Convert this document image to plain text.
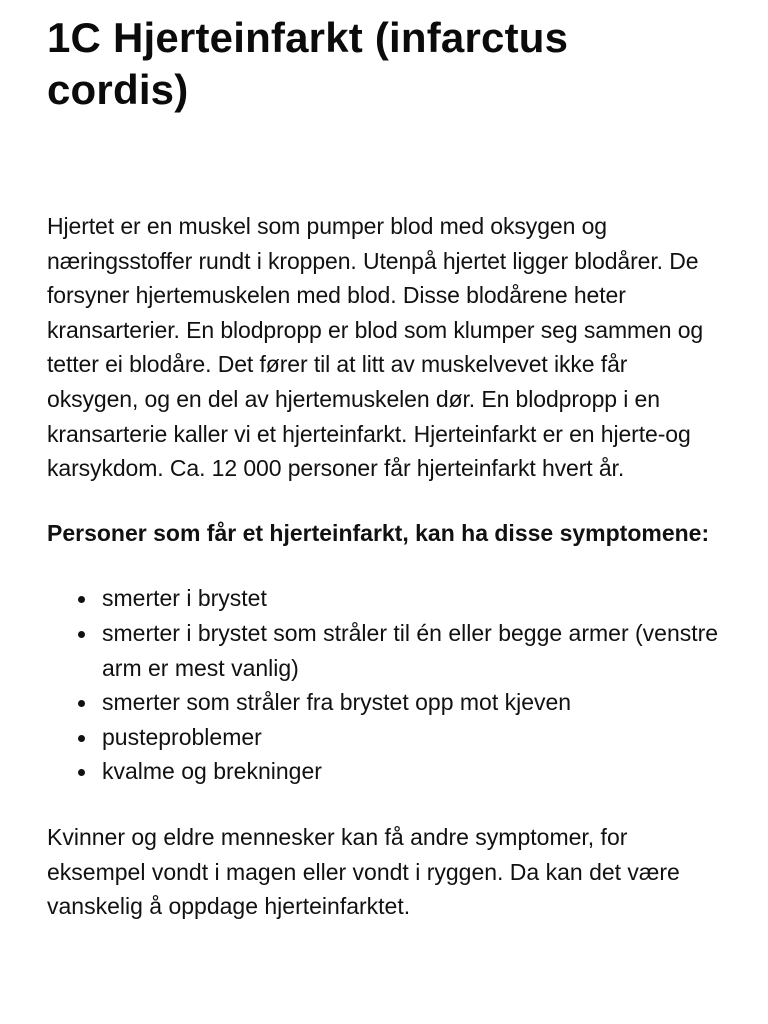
1C Hjerteinfarkt (infarctus cordis)

Hjertet er en muskel som pumper blod med oksygen og næringsstoffer rundt i kroppen. Utenpå hjertet ligger blodårer. De forsyner hjertemuskelen med blod. Disse blodårene heter kransarterier. En blodpropp er blod som klumper seg sammen og tetter ei blodåre. Det fører til at litt av muskelvevet ikke får oksygen, og en del av hjertemuskelen dør. En blodpropp i en kransarterie kaller vi et hjerteinfarkt. Hjerteinfarkt er en hjerte-og karsykdom. Ca. 12 000 personer får hjerteinfarkt hvert år.

Personer som får et hjerteinfarkt, kan ha disse symptomene:

smerter i brystet
smerter i brystet som stråler til én eller begge armer (venstre arm er mest vanlig)
smerter som stråler fra brystet opp mot kjeven
pusteproblemer
kvalme og brekninger

Kvinner og eldre mennesker kan få andre symptomer, for eksempel vondt i magen eller vondt i ryggen. Da kan det være vanskelig å oppdage hjerteinfarktet.
